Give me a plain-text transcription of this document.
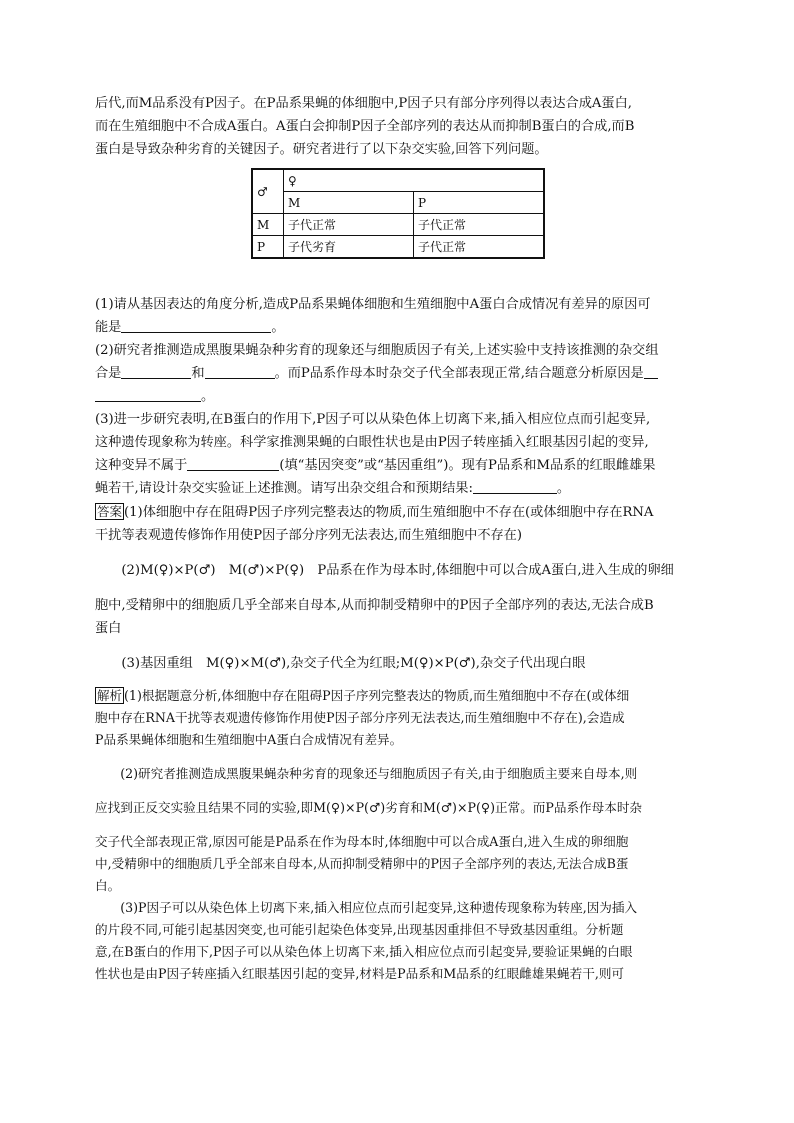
后代,而M品系没有P因子。在P品系果蝇的体细胞中,P因子只有部分序列得以表达合成A蛋白,

而在生殖细胞中不合成A蛋白。A蛋白会抑制P因子全部序列的表达从而抑制B蛋白的合成,而B

蛋白是导致杂种劣育的关键因子。研究者进行了以下杂交实验,回答下列问题。

♂	♀	
	M	P
M	子代正常	子代正常
P	子代劣育	子代正常

(1)请从基因表达的角度分析,造成P品系果蝇体细胞和生殖细胞中A蛋白合成情况有差异的原因可

能是	。

(2)研究者推测造成黑腹果蝇杂种劣育的现象还与细胞质因子有关,上述实验中支持该推测的杂交组

合是	和	。而P品系作母本时杂交子代全部表现正常,结合题意分析原因是

。

(3)进一步研究表明,在B蛋白的作用下,P因子可以从染色体上切离下来,插入相应位点而引起变异,

这种遗传现象称为转座。科学家推测果蝇的白眼性状也是由P因子转座插入红眼基因引起的变异,

这种变异不属于	(填“基因突变”或“基因重组”)。现有P品系和M品系的红眼雌雄果

蝇若干,请设计杂交实验证上述推测。请写出杂交组合和预期结果:	。

答案 (1)体细胞中存在阻碍P因子序列完整表达的物质,而生殖细胞中不存在(或体细胞中存在RNA

干扰等表观遗传修饰作用使P因子部分序列无法表达,而生殖细胞中不存在)

(2)M(♀)×P(♂)　M(♂)×P(♀)　P品系在作为母本时,体细胞中可以合成A蛋白,进入生成的卵细

胞中,受精卵中的细胞质几乎全部来自母本,从而抑制受精卵中的P因子全部序列的表达,无法合成B

蛋白

(3)基因重组　M(♀)×M(♂),杂交子代全为红眼;M(♀)×P(♂),杂交子代出现白眼

解析 (1)根据题意分析,体细胞中存在阻碍P因子序列完整表达的物质,而生殖细胞中不存在(或体细

胞中存在RNA干扰等表观遗传修饰作用使P因子部分序列无法表达,而生殖细胞中不存在),会造成

P品系果蝇体细胞和生殖细胞中A蛋白合成情况有差异。

(2)研究者推测造成黑腹果蝇杂种劣育的现象还与细胞质因子有关,由于细胞质主要来自母本,则

应找到正反交实验且结果不同的实验,即M(♀)×P(♂)劣育和M(♂)×P(♀)正常。而P品系作母本时杂

交子代全部表现正常,原因可能是P品系在作为母本时,体细胞中可以合成A蛋白,进入生成的卵细胞

中,受精卵中的细胞质几乎全部来自母本,从而抑制受精卵中的P因子全部序列的表达,无法合成B蛋

白。

(3)P因子可以从染色体上切离下来,插入相应位点而引起变异,这种遗传现象称为转座,因为插入

的片段不同,可能引起基因突变,也可能引起染色体变异,出现基因重排但不导致基因重组。分析题

意,在B蛋白的作用下,P因子可以从染色体上切离下来,插入相应位点而引起变异,要验证果蝇的白眼

性状也是由P因子转座插入红眼基因引起的变异,材料是P品系和M品系的红眼雌雄果蝇若干,则可
